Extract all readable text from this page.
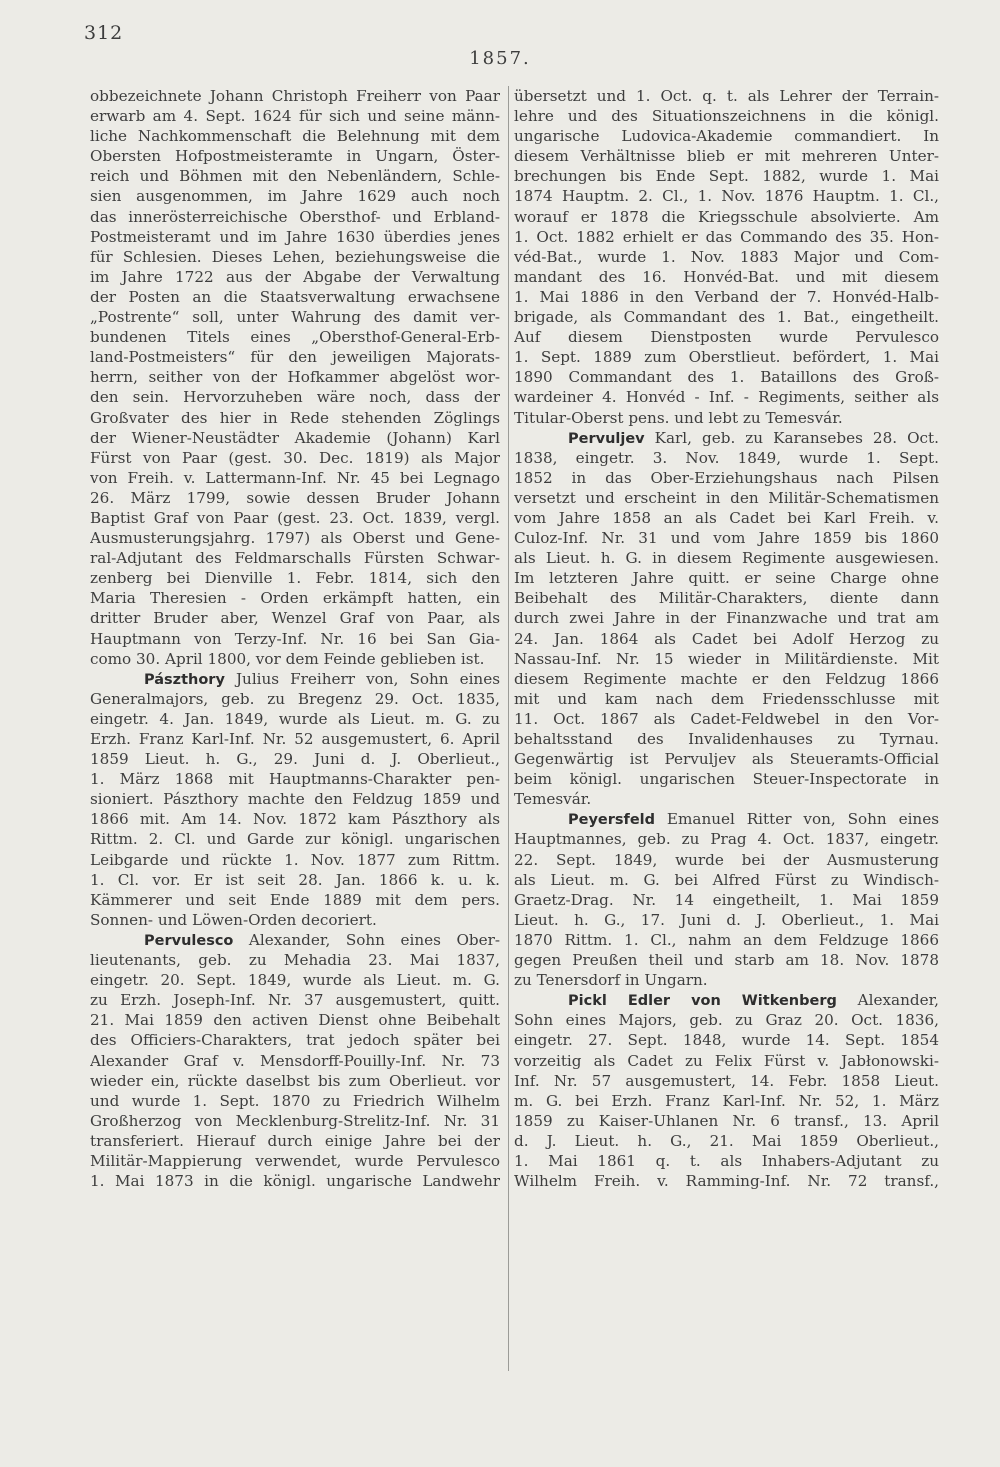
312
1857.
obbezeichnete Johann Christoph Freiherr von Paar
erwarb am 4. Sept. 1624 für sich und seine männ-
liche Nachkommenschaft die Belehnung mit dem
Obersten Hofpostmeisteramte in Ungarn, Öster-
reich und Böhmen mit den Nebenländern, Schle-
sien ausgenommen, im Jahre 1629 auch noch
das innerösterreichische Obersthof- und Erbland-
Postmeisteramt und im Jahre 1630 überdies jenes
für Schlesien. Dieses Lehen, beziehungsweise die
im Jahre 1722 aus der Abgabe der Verwaltung
der Posten an die Staatsverwaltung erwachsene
„Postrente“ soll, unter Wahrung des damit ver-
bundenen Titels eines „Obersthof-General-Erb-
land-Postmeisters“ für den jeweiligen Majorats-
herrn, seither von der Hofkammer abgelöst wor-
den sein. Hervorzuheben wäre noch, dass der
Großvater des hier in Rede stehenden Zöglings
der Wiener-Neustädter Akademie (Johann) Karl
Fürst von Paar (gest. 30. Dec. 1819) als Major
von Freih. v. Lattermann-Inf. Nr. 45 bei Legnago
26. März 1799, sowie dessen Bruder Johann
Baptist Graf von Paar (gest. 23. Oct. 1839, vergl.
Ausmusterungsjahrg. 1797) als Oberst und Gene-
ral-Adjutant des Feldmarschalls Fürsten Schwar-
zenberg bei Dienville 1. Febr. 1814, sich den
Maria Theresien - Orden erkämpft hatten, ein
dritter Bruder aber, Wenzel Graf von Paar, als
Hauptmann von Terzy-Inf. Nr. 16 bei San Gia-
como 30. April 1800, vor dem Feinde geblieben ist.
Pászthory Julius Freiherr von, Sohn eines
Generalmajors, geb. zu Bregenz 29. Oct. 1835,
eingetr. 4. Jan. 1849, wurde als Lieut. m. G. zu
Erzh. Franz Karl-Inf. Nr. 52 ausgemustert, 6. April
1859 Lieut. h. G., 29. Juni d. J. Oberlieut.,
1. März 1868 mit Hauptmanns-Charakter pen-
sioniert. Pászthory machte den Feldzug 1859 und
1866 mit. Am 14. Nov. 1872 kam Pászthory als
Rittm. 2. Cl. und Garde zur königl. ungarischen
Leibgarde und rückte 1. Nov. 1877 zum Rittm.
1. Cl. vor. Er ist seit 28. Jan. 1866 k. u. k.
Kämmerer und seit Ende 1889 mit dem pers.
Sonnen- und Löwen-Orden decoriert.
Pervulesco Alexander, Sohn eines Ober-
lieutenants, geb. zu Mehadia 23. Mai 1837,
eingetr. 20. Sept. 1849, wurde als Lieut. m. G.
zu Erzh. Joseph-Inf. Nr. 37 ausgemustert, quitt.
21. Mai 1859 den activen Dienst ohne Beibehalt
des Officiers-Charakters, trat jedoch später bei
Alexander Graf v. Mensdorff-Pouilly-Inf. Nr. 73
wieder ein, rückte daselbst bis zum Oberlieut. vor
und wurde 1. Sept. 1870 zu Friedrich Wilhelm
Großherzog von Mecklenburg-Strelitz-Inf. Nr. 31
transferiert. Hierauf durch einige Jahre bei der
Militär-Mappierung verwendet, wurde Pervulesco
1. Mai 1873 in die königl. ungarische Landwehr
übersetzt und 1. Oct. q. t. als Lehrer der Terrain-
lehre und des Situationszeichnens in die königl.
ungarische Ludovica-Akademie commandiert. In
diesem Verhältnisse blieb er mit mehreren Unter-
brechungen bis Ende Sept. 1882, wurde 1. Mai
1874 Hauptm. 2. Cl., 1. Nov. 1876 Hauptm. 1. Cl.,
worauf er 1878 die Kriegsschule absolvierte. Am
1. Oct. 1882 erhielt er das Commando des 35. Hon-
véd-Bat., wurde 1. Nov. 1883 Major und Com-
mandant des 16. Honvéd-Bat. und mit diesem
1. Mai 1886 in den Verband der 7. Honvéd-Halb-
brigade, als Commandant des 1. Bat., eingetheilt.
Auf diesem Dienstposten wurde Pervulesco
1. Sept. 1889 zum Oberstlieut. befördert, 1. Mai
1890 Commandant des 1. Bataillons des Groß-
wardeiner 4. Honvéd - Inf. - Regiments, seither als
Titular-Oberst pens. und lebt zu Temesvár.
Pervuljev Karl, geb. zu Karansebes 28. Oct.
1838, eingetr. 3. Nov. 1849, wurde 1. Sept.
1852 in das Ober-Erziehungshaus nach Pilsen
versetzt und erscheint in den Militär-Schematismen
vom Jahre 1858 an als Cadet bei Karl Freih. v.
Culoz-Inf. Nr. 31 und vom Jahre 1859 bis 1860
als Lieut. h. G. in diesem Regimente ausgewiesen.
Im letzteren Jahre quitt. er seine Charge ohne
Beibehalt des Militär-Charakters, diente dann
durch zwei Jahre in der Finanzwache und trat am
24. Jan. 1864 als Cadet bei Adolf Herzog zu
Nassau-Inf. Nr. 15 wieder in Militärdienste. Mit
diesem Regimente machte er den Feldzug 1866
mit und kam nach dem Friedensschlusse mit
11. Oct. 1867 als Cadet-Feldwebel in den Vor-
behaltsstand des Invalidenhauses zu Tyrnau.
Gegenwärtig ist Pervuljev als Steueramts-Official
beim königl. ungarischen Steuer-Inspectorate in
Temesvár.
Peyersfeld Emanuel Ritter von, Sohn eines
Hauptmannes, geb. zu Prag 4. Oct. 1837, eingetr.
22. Sept. 1849, wurde bei der Ausmusterung
als Lieut. m. G. bei Alfred Fürst zu Windisch-
Graetz-Drag. Nr. 14 eingetheilt, 1. Mai 1859
Lieut. h. G., 17. Juni d. J. Oberlieut., 1. Mai
1870 Rittm. 1. Cl., nahm an dem Feldzuge 1866
gegen Preußen theil und starb am 18. Nov. 1878
zu Tenersdorf in Ungarn.
Pickl Edler von Witkenberg Alexander,
Sohn eines Majors, geb. zu Graz 20. Oct. 1836,
eingetr. 27. Sept. 1848, wurde 14. Sept. 1854
vorzeitig als Cadet zu Felix Fürst v. Jabłonowski-
Inf. Nr. 57 ausgemustert, 14. Febr. 1858 Lieut.
m. G. bei Erzh. Franz Karl-Inf. Nr. 52, 1. März
1859 zu Kaiser-Uhlanen Nr. 6 transf., 13. April
d. J. Lieut. h. G., 21. Mai 1859 Oberlieut.,
1. Mai 1861 q. t. als Inhabers-Adjutant zu
Wilhelm Freih. v. Ramming-Inf. Nr. 72 transf.,
